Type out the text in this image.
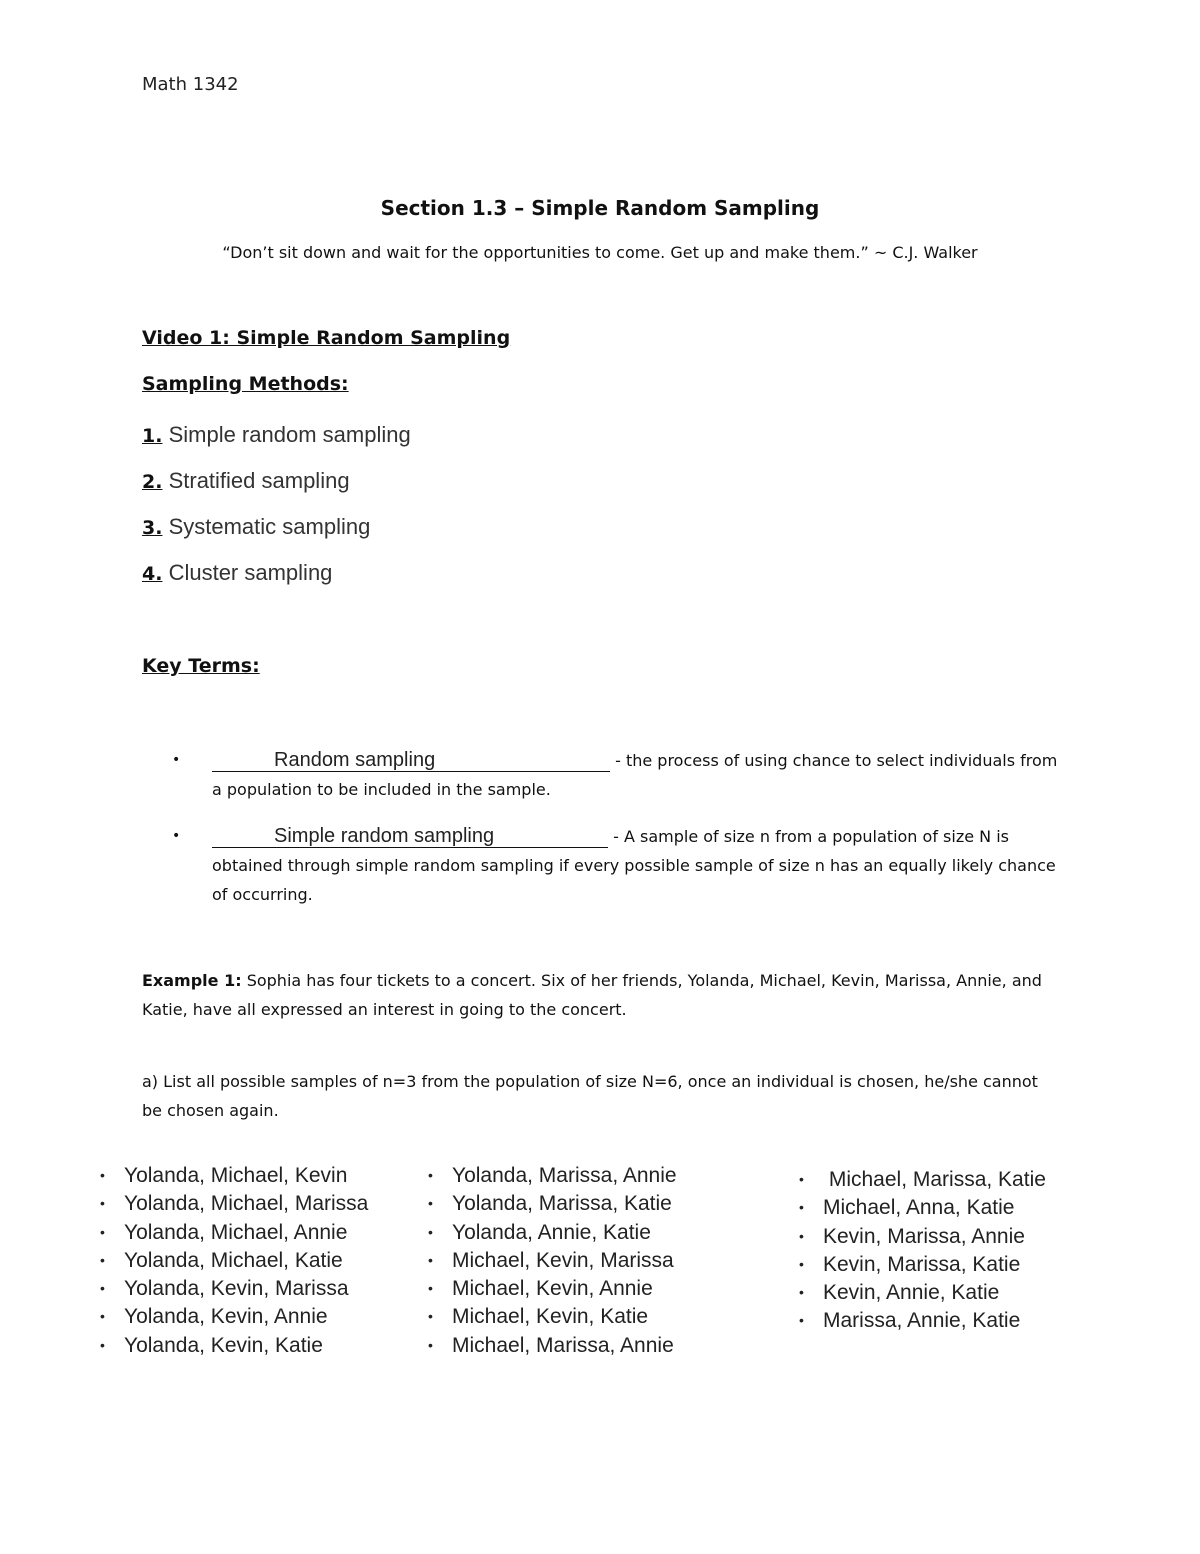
Math 1342
Section 1.3 – Simple Random Sampling
“Don’t sit down and wait for the opportunities to come. Get up and make them.” ~ C.J. Walker
Video 1: Simple Random Sampling
Sampling Methods:
1. Simple random sampling
2. Stratified sampling
3. Systematic sampling
4. Cluster sampling
Key Terms:
•	Random sampling	- the process of using chance to select individuals from a population to be included in the sample.
•	Simple random sampling	- A sample of size n from a population of size N is obtained through simple random sampling if every possible sample of size n has an equally likely chance of occurring.
Example 1: Sophia has four tickets to a concert. Six of her friends, Yolanda, Michael, Kevin, Marissa, Annie, and Katie, have all expressed an interest in going to the concert.
a) List all possible samples of n=3 from the population of size N=6, once an individual is chosen, he/she cannot be chosen again.
• Yolanda, Michael, Kevin
• Yolanda, Michael, Marissa
• Yolanda, Michael, Annie
• Yolanda, Michael, Katie
• Yolanda, Kevin, Marissa
• Yolanda, Kevin, Annie
• Yolanda, Kevin, Katie
• Yolanda, Marissa, Annie
• Yolanda, Marissa, Katie
• Yolanda, Annie, Katie
• Michael, Kevin, Marissa
• Michael, Kevin, Annie
• Michael, Kevin, Katie
• Michael, Marissa, Annie
• Michael, Marissa, Katie
• Michael, Anna, Katie
• Kevin, Marissa, Annie
• Kevin, Marissa, Katie
• Kevin, Annie, Katie
• Marissa, Annie, Katie
